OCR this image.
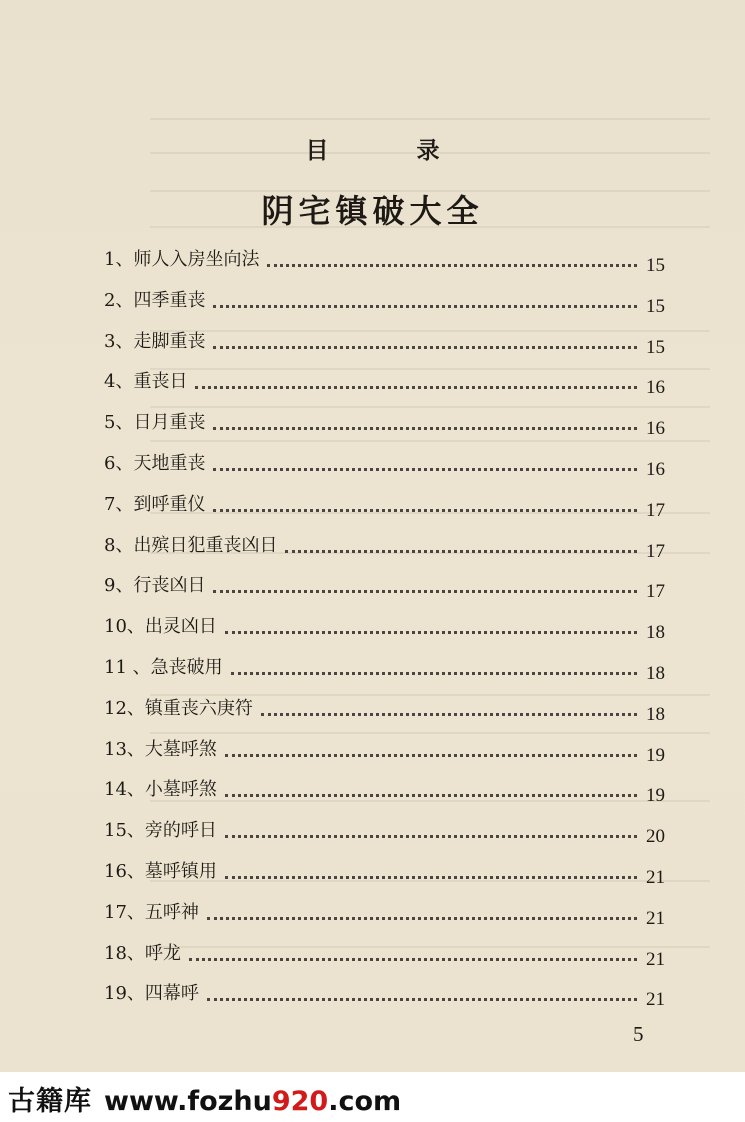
目 录
阴宅镇破大全
1、师人入房坐向法	15
2、四季重丧	15
3、走脚重丧	15
4、重丧日	16
5、日月重丧	16
6、天地重丧	16
7、到呼重仪	17
8、出殡日犯重丧凶日	17
9、行丧凶日	17
10、出灵凶日	18
11 、急丧破用	18
12、镇重丧六庚符	18
13、大墓呼煞	19
14、小墓呼煞	19
15、旁的呼日	20
16、墓呼镇用	21
17、五呼神	21
18、呼龙	21
19、四幕呼	21
5
古籍库 www.fozhu920.com
